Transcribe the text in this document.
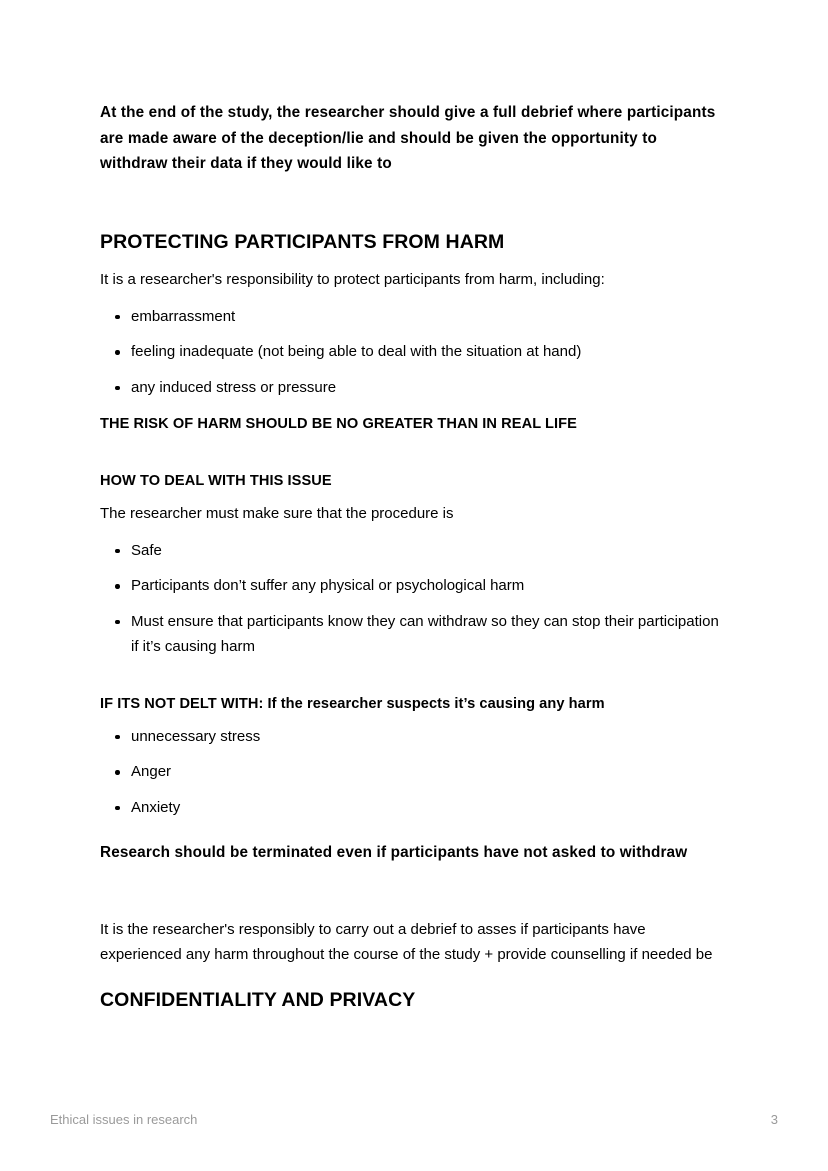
At the end of the study, the researcher should give a full debrief where participants are made aware of the deception/lie and should be given the opportunity to withdraw their data if they would like to

PROTECTING PARTICIPANTS FROM HARM

It is a researcher's responsibility to protect participants from harm, including:

embarrassment
feeling inadequate (not being able to deal with the situation at hand)
any induced stress or pressure

THE RISK OF HARM SHOULD BE NO GREATER THAN IN REAL LIFE

HOW TO DEAL WITH THIS ISSUE

The researcher must make sure that the procedure is

Safe
Participants don’t suffer any physical or psychological harm
Must ensure that participants know they can withdraw so they can stop their participation if it’s causing harm
IF ITS NOT DELT WITH: If the researcher suspects it’s causing any harm
unnecessary stress
Anger
Anxiety

Research should be terminated even if participants have not asked to withdraw

It is the researcher's responsibly to carry out a debrief to asses if participants have experienced any harm throughout the course of the study + provide counselling if needed be

CONFIDENTIALITY AND PRIVACY
Ethical issues in research	3
